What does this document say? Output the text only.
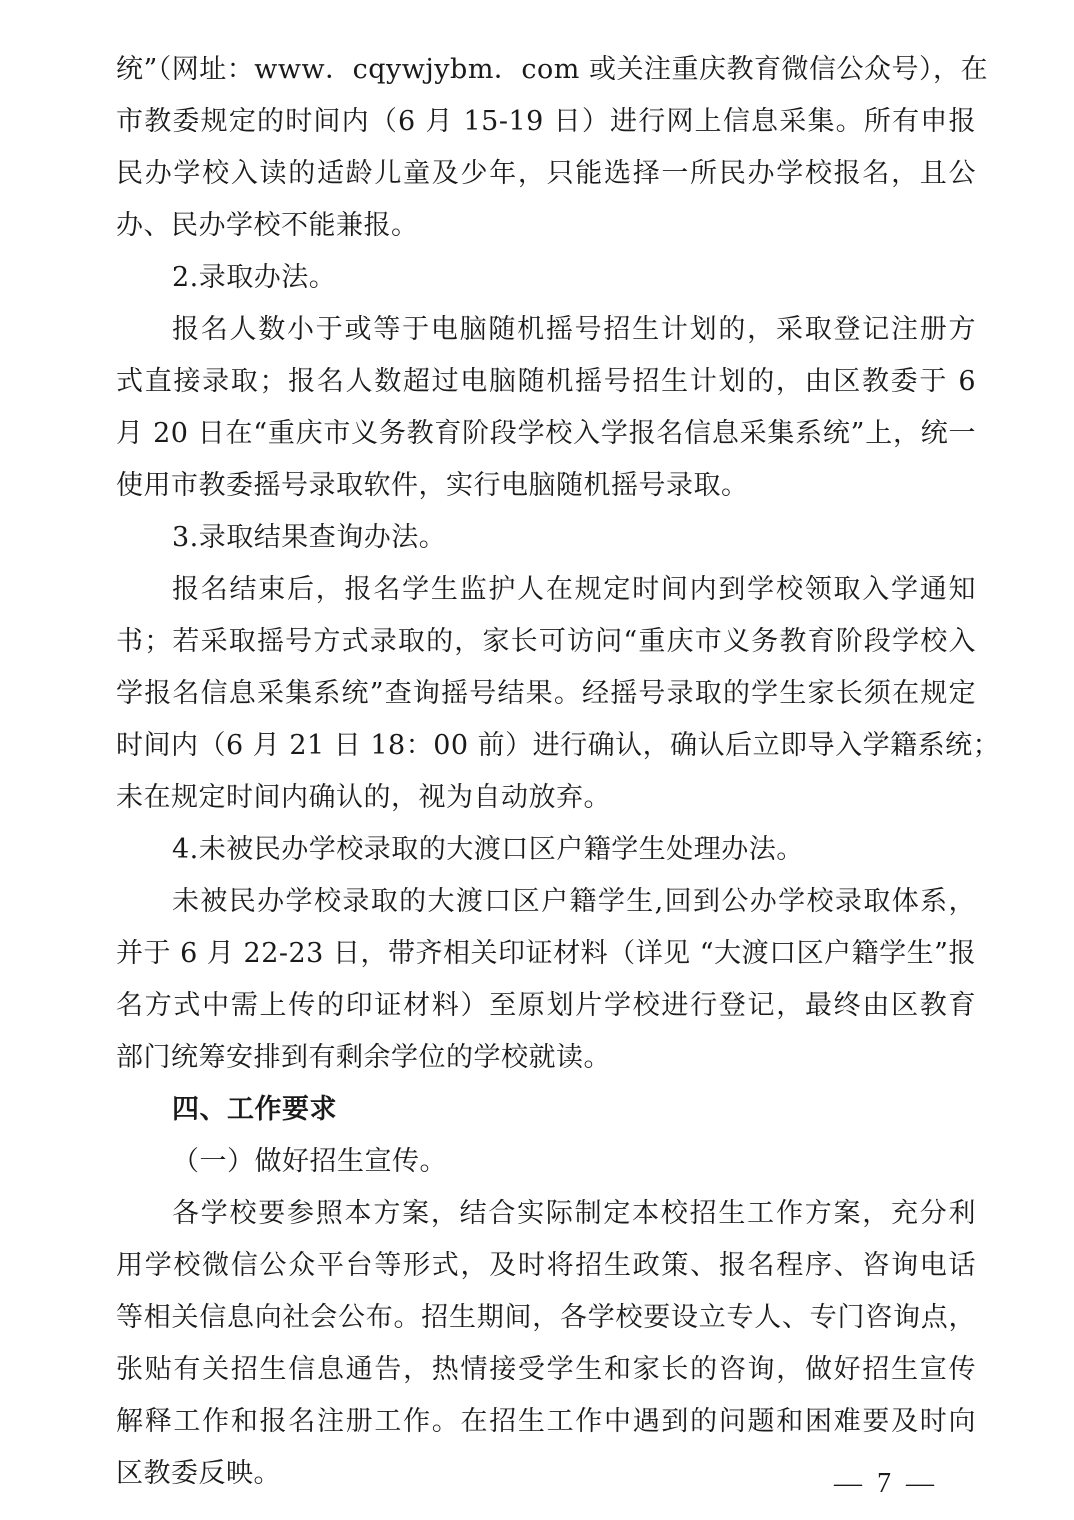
统”（网址：www．cqywjybm．com 或关注重庆教育微信公众号），在
市教委规定的时间内（6 月 15-19 日）进行网上信息采集。所有申报
民办学校入读的适龄儿童及少年，只能选择一所民办学校报名，且公
办、民办学校不能兼报。
2.录取办法。
报名人数小于或等于电脑随机摇号招生计划的，采取登记注册方
式直接录取；报名人数超过电脑随机摇号招生计划的，由区教委于 6
月 20 日在“重庆市义务教育阶段学校入学报名信息采集系统”上，统一
使用市教委摇号录取软件，实行电脑随机摇号录取。
3.录取结果查询办法。
报名结束后，报名学生监护人在规定时间内到学校领取入学通知
书；若采取摇号方式录取的，家长可访问“重庆市义务教育阶段学校入
学报名信息采集系统”查询摇号结果。经摇号录取的学生家长须在规定
时间内（6 月 21 日 18：00 前）进行确认，确认后立即导入学籍系统；
未在规定时间内确认的，视为自动放弃。
4.未被民办学校录取的大渡口区户籍学生处理办法。
未被民办学校录取的大渡口区户籍学生,回到公办学校录取体系，
并于 6 月 22-23 日，带齐相关印证材料（详见 “大渡口区户籍学生”报
名方式中需上传的印证材料）至原划片学校进行登记，最终由区教育
部门统筹安排到有剩余学位的学校就读。
四、工作要求
（一）做好招生宣传。
各学校要参照本方案，结合实际制定本校招生工作方案，充分利
用学校微信公众平台等形式，及时将招生政策、报名程序、咨询电话
等相关信息向社会公布。招生期间，各学校要设立专人、专门咨询点，
张贴有关招生信息通告，热情接受学生和家长的咨询，做好招生宣传
解释工作和报名注册工作。在招生工作中遇到的问题和困难要及时向
区教委反映。	— 7 —
